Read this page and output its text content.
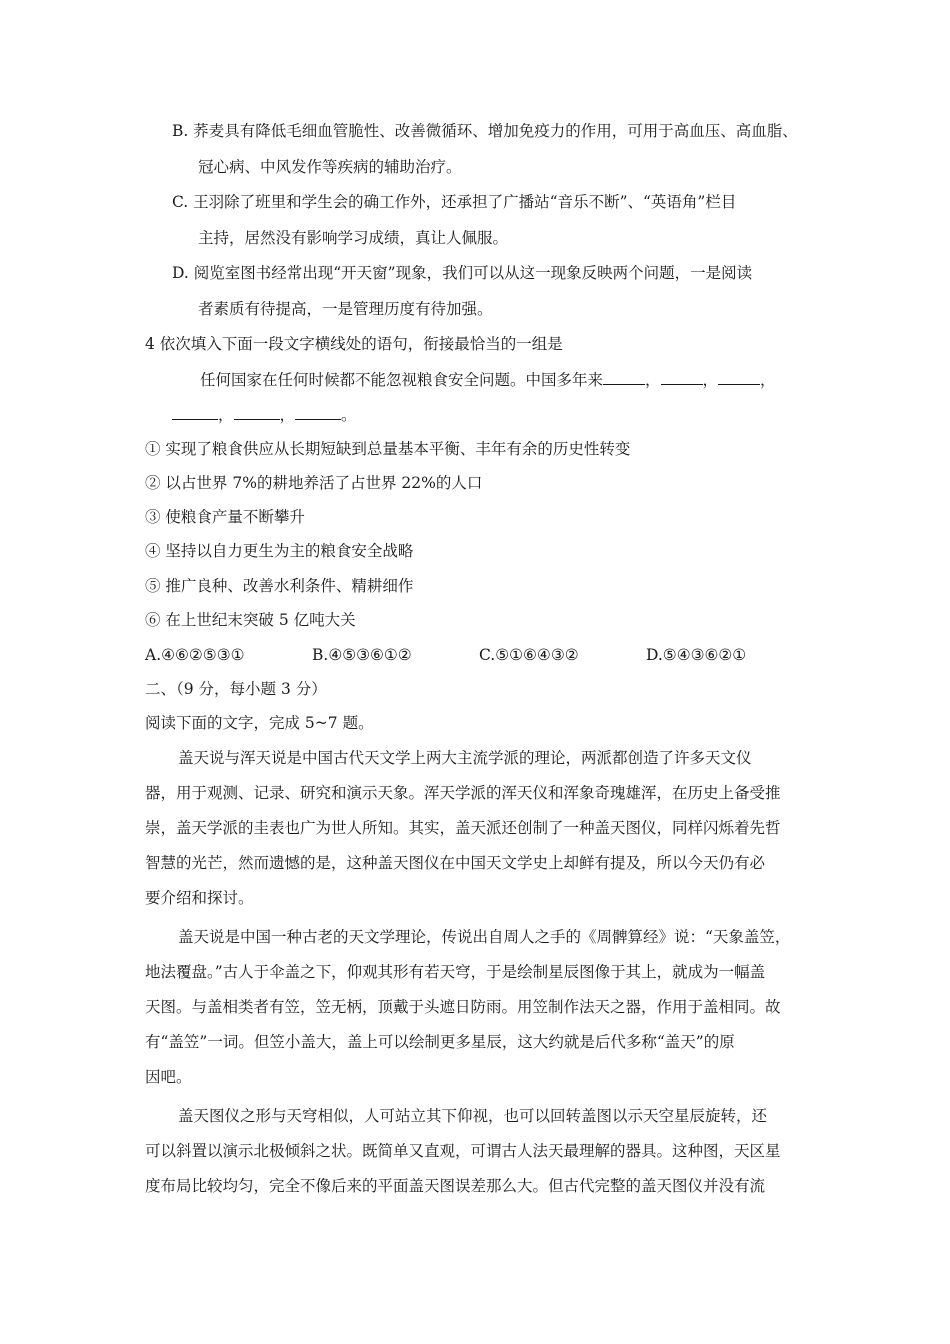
B. 荞麦具有降低毛细血管脆性、改善微循环、增加免疫力的作用，可用于高血压、高血脂、
冠心病、中风发作等疾病的辅助治疗。
C. 王羽除了班里和学生会的确工作外，还承担了广播站“音乐不断”、“英语角”栏目
主持，居然没有影响学习成绩，真让人佩服。
D. 阅览室图书经常出现“开天窗”现象，我们可以从这一现象反映两个问题，一是阅读
者素质有待提高，一是管理历度有待加强。
4 依次填入下面一段文字横线处的语句，衔接最恰当的一组是
任何国家在任何时候都不能忽视粮食安全问题。中国多年来	，	，	，
，	，	。
① 实现了粮食供应从长期短缺到总量基本平衡、丰年有余的历史性转变
② 以占世界 7%的耕地养活了占世界 22%的人口
③ 使粮食产量不断攀升
④ 坚持以自力更生为主的粮食安全战略
⑤ 推广良种、改善水利条件、精耕细作
⑥ 在上世纪末突破 5 亿吨大关
A.④⑥②⑤③①	B.④⑤③⑥①②	C.⑤①⑥④③②	D.⑤④③⑥②①
二、（9 分，每小题 3 分）
阅读下面的文字，完成 5~7 题。
盖天说与浑天说是中国古代天文学上两大主流学派的理论，两派都创造了许多天文仪
器，用于观测、记录、研究和演示天象。浑天学派的浑天仪和浑象奇瑰雄浑，在历史上备受推
崇，盖天学派的圭表也广为世人所知。其实，盖天派还创制了一种盖天图仪，同样闪烁着先哲
智慧的光芒，然而遗憾的是，这种盖天图仪在中国天文学史上却鲜有提及，所以今天仍有必
要介绍和探讨。
盖天说是中国一种古老的天文学理论，传说出自周人之手的《周髀算经》说：“天象盖笠，
地法覆盘。”古人于伞盖之下，仰观其形有若天穹，于是绘制星辰图像于其上，就成为一幅盖
天图。与盖相类者有笠，笠无柄，顶戴于头遮日防雨。用笠制作法天之器，作用于盖相同。故
有“盖笠”一词。但笠小盖大，盖上可以绘制更多星辰，这大约就是后代多称“盖天”的原
因吧。
盖天图仪之形与天穹相似，人可站立其下仰视，也可以回转盖图以示天空星辰旋转，还
可以斜置以演示北极倾斜之状。既简单又直观，可谓古人法天最理解的器具。这种图，天区星
度布局比较均匀，完全不像后来的平面盖天图误差那么大。但古代完整的盖天图仪并没有流
